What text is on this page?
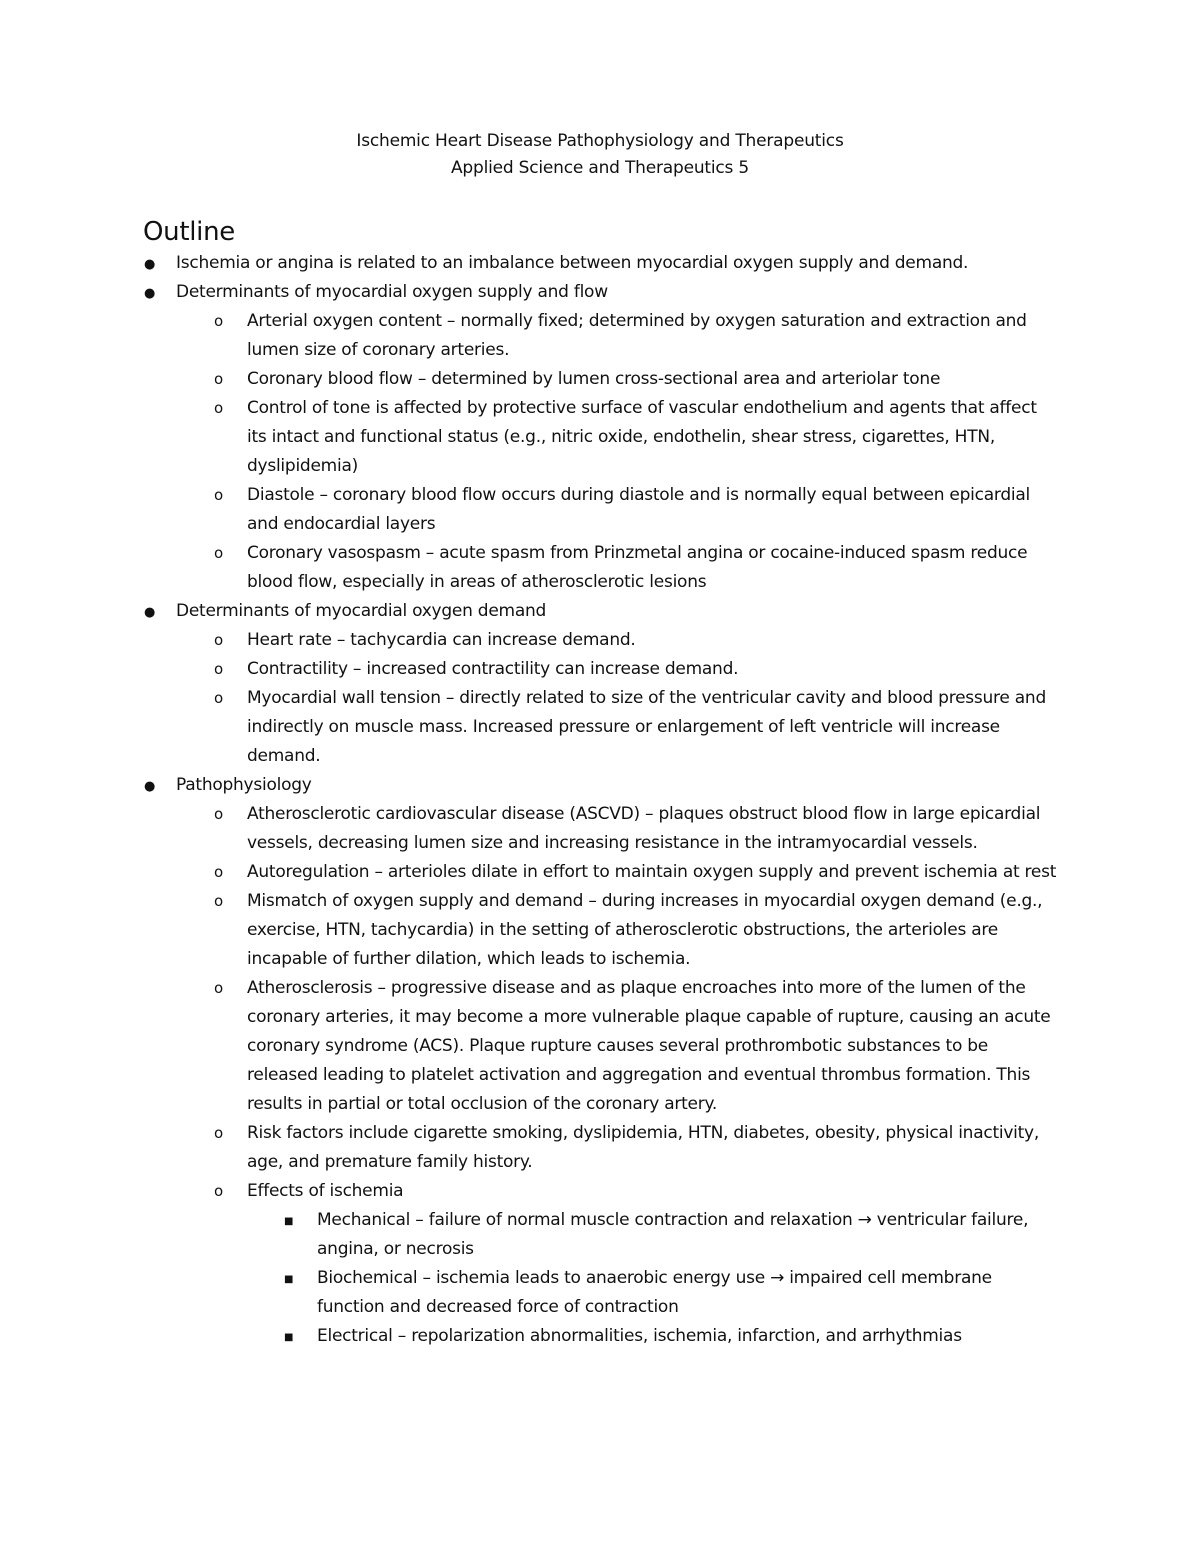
Ischemic Heart Disease Pathophysiology and Therapeutics
Applied Science and Therapeutics 5
Outline
● Ischemia or angina is related to an imbalance between myocardial oxygen supply and demand.
● Determinants of myocardial oxygen supply and flow
o Arterial oxygen content – normally fixed; determined by oxygen saturation and extraction and lumen size of coronary arteries.
o Coronary blood flow – determined by lumen cross-sectional area and arteriolar tone
o Control of tone is affected by protective surface of vascular endothelium and agents that affect its intact and functional status (e.g., nitric oxide, endothelin, shear stress, cigarettes, HTN, dyslipidemia)
o Diastole – coronary blood flow occurs during diastole and is normally equal between epicardial and endocardial layers
o Coronary vasospasm – acute spasm from Prinzmetal angina or cocaine-induced spasm reduce blood flow, especially in areas of atherosclerotic lesions
● Determinants of myocardial oxygen demand
o Heart rate – tachycardia can increase demand.
o Contractility – increased contractility can increase demand.
o Myocardial wall tension – directly related to size of the ventricular cavity and blood pressure and indirectly on muscle mass. Increased pressure or enlargement of left ventricle will increase demand.
● Pathophysiology
o Atherosclerotic cardiovascular disease (ASCVD) – plaques obstruct blood flow in large epicardial vessels, decreasing lumen size and increasing resistance in the intramyocardial vessels.
o Autoregulation – arterioles dilate in effort to maintain oxygen supply and prevent ischemia at rest
o Mismatch of oxygen supply and demand – during increases in myocardial oxygen demand (e.g., exercise, HTN, tachycardia) in the setting of atherosclerotic obstructions, the arterioles are incapable of further dilation, which leads to ischemia.
o Atherosclerosis – progressive disease and as plaque encroaches into more of the lumen of the coronary arteries, it may become a more vulnerable plaque capable of rupture, causing an acute coronary syndrome (ACS). Plaque rupture causes several prothrombotic substances to be released leading to platelet activation and aggregation and eventual thrombus formation. This results in partial or total occlusion of the coronary artery.
o Risk factors include cigarette smoking, dyslipidemia, HTN, diabetes, obesity, physical inactivity, age, and premature family history.
o Effects of ischemia
■ Mechanical – failure of normal muscle contraction and relaxation → ventricular failure, angina, or necrosis
■ Biochemical – ischemia leads to anaerobic energy use → impaired cell membrane function and decreased force of contraction
■ Electrical – repolarization abnormalities, ischemia, infarction, and arrhythmias
